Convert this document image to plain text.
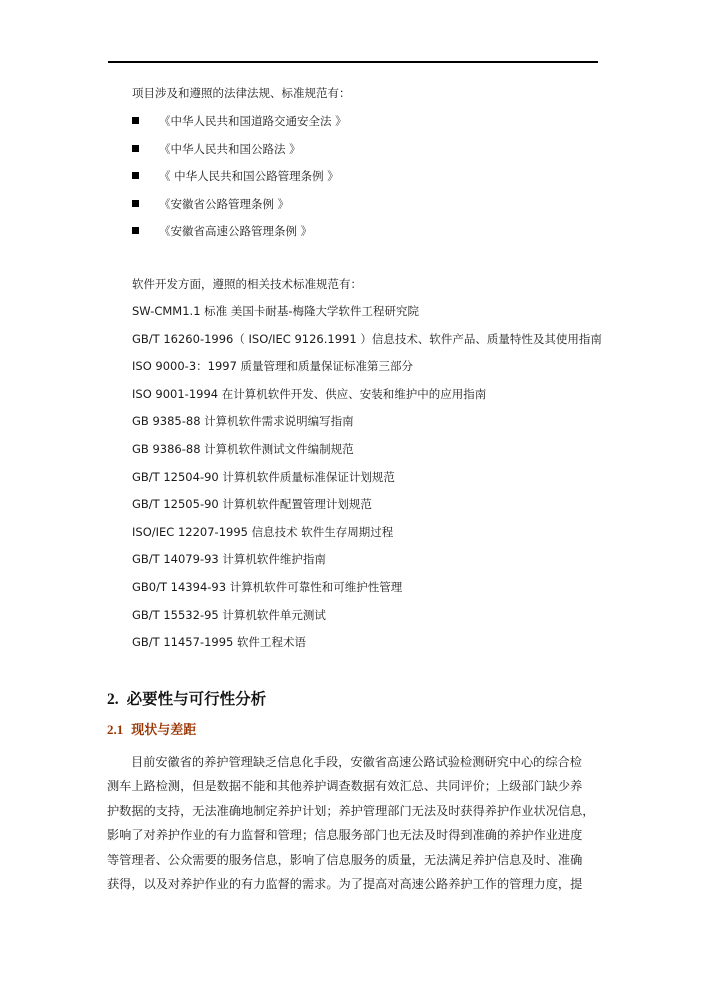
项目涉及和遵照的法律法规、标准规范有：
《中华人民共和国道路交通安全法 》
《中华人民共和国公路法 》
《 中华人民共和国公路管理条例 》
《安徽省公路管理条例 》
《安徽省高速公路管理条例 》
软件开发方面，遵照的相关技术标准规范有：
SW-CMM1.1 标准 美国卡耐基-梅隆大学软件工程研究院
GB/T 16260-1996（ ISO/IEC 9126.1991 ）信息技术、软件产品、质量特性及其使用指南
ISO 9000-3：1997 质量管理和质量保证标准第三部分
ISO 9001-1994 在计算机软件开发、供应、安装和维护中的应用指南
GB 9385-88 计算机软件需求说明编写指南
GB 9386-88 计算机软件测试文件编制规范
GB/T 12504-90 计算机软件质量标准保证计划规范
GB/T 12505-90 计算机软件配置管理计划规范
ISO/IEC 12207-1995 信息技术 软件生存周期过程
GB/T 14079-93 计算机软件维护指南
GB0/T 14394-93 计算机软件可靠性和可维护性管理
GB/T 15532-95 计算机软件单元测试
GB/T 11457-1995 软件工程术语
2. 必要性与可行性分析
2.1 现状与差距
目前安徽省的养护管理缺乏信息化手段，安徽省高速公路试验检测研究中心的综合检
测车上路检测，但是数据不能和其他养护调查数据有效汇总、共同评价；上级部门缺少养
护数据的支持，无法准确地制定养护计划；养护管理部门无法及时获得养护作业状况信息，
影响了对养护作业的有力监督和管理；信息服务部门也无法及时得到准确的养护作业进度
等管理者、公众需要的服务信息，影响了信息服务的质量，无法满足养护信息及时、准确
获得，以及对养护作业的有力监督的需求。为了提高对高速公路养护工作的管理力度，提
